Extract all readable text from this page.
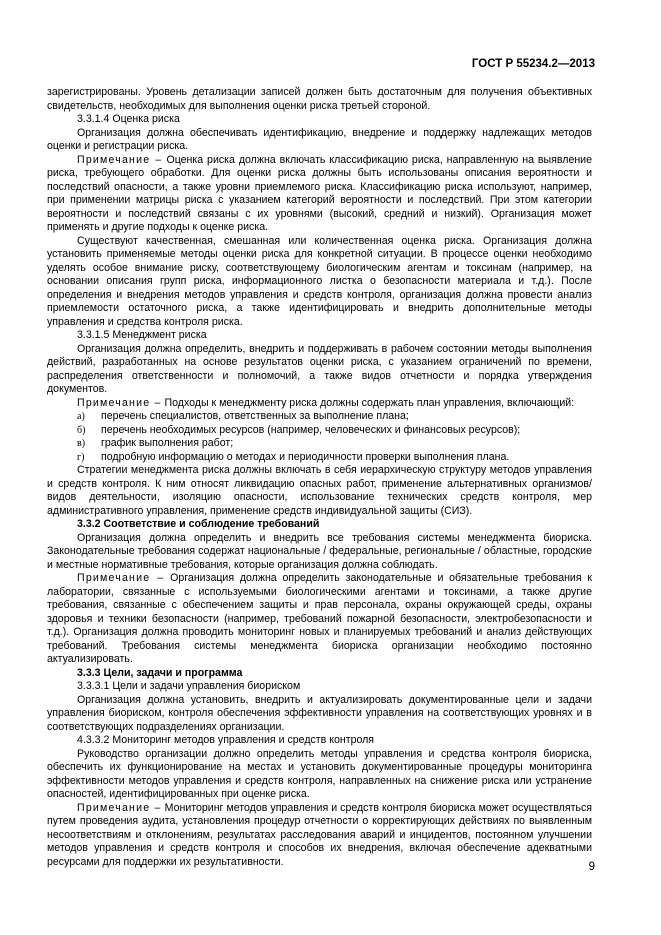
ГОСТ Р 55234.2—2013

зарегистрированы. Уровень детализации записей должен быть достаточным для получения объективных свидетельств, необходимых для выполнения оценки риска третьей стороной.

3.3.1.4 Оценка риска

Организация должна обеспечивать идентификацию, внедрение и поддержку надлежащих методов оценки и регистрации риска.

Примечание – Оценка риска должна включать классификацию риска, направленную на выявление риска, требующего обработки. Для оценки риска должны быть использованы описания вероятности и последствий опасности, а также уровни приемлемого риска. Классификацию риска используют, например, при применении матрицы риска с указанием категорий вероятности и последствий. При этом категории вероятности и последствий связаны с их уровнями (высокий, средний и низкий). Организация может применять и другие подходы к оценке риска.

Существуют качественная, смешанная или количественная оценка риска. Организация должна установить применяемые методы оценки риска для конкретной ситуации. В процессе оценки необходимо уделять особое внимание риску, соответствующему биологическим агентам и токсинам (например, на основании описания групп риска, информационного листка о безопасности материала и т.д.). После определения и внедрения методов управления и средств контроля, организация должна провести анализ приемлемости остаточного риска, а также идентифицировать и внедрить дополнительные методы управления и средства контроля риска.

3.3.1.5 Менеджмент риска

Организация должна определить, внедрить и поддерживать в рабочем состоянии методы выполнения действий, разработанных на основе результатов оценки риска, с указанием ограничений по времени, распределения ответственности и полномочий, а также видов отчетности и порядка утверждения документов.

Примечание – Подходы к менеджменту риска должны содержать план управления, включающий:

а) перечень специалистов, ответственных за выполнение плана;
б) перечень необходимых ресурсов (например, человеческих и финансовых ресурсов);
в) график выполнения работ;
г) подробную информацию о методах и периодичности проверки выполнения плана.

Стратегии менеджмента риска должны включать в себя иерархическую структуру методов управления и средств контроля. К ним относят ликвидацию опасных работ, применение альтернативных организмов/видов деятельности, изоляцию опасности, использование технических средств контроля, мер административного управления, применение средств индивидуальной защиты (СИЗ).

3.3.2 Соответствие и соблюдение требований

Организация должна определить и внедрить все требования системы менеджмента биориска. Законодательные требования содержат национальные / федеральные, региональные / областные, городские и местные нормативные требования, которые организация должна соблюдать.

Примечание – Организация должна определить законодательные и обязательные требования к лаборатории, связанные с используемыми биологическими агентами и токсинами, а также другие требования, связанные с обеспечением защиты и прав персонала, охраны окружающей среды, охраны здоровья и техники безопасности (например, требований пожарной безопасности, электробезопасности и т.д.). Организация должна проводить мониторинг новых и планируемых требований и анализ действующих требований. Требования системы менеджмента биориска организации необходимо постоянно актуализировать.

3.3.3 Цели, задачи и программа

3.3.3.1 Цели и задачи управления биориском

Организация должна установить, внедрить и актуализировать документированные цели и задачи управления биориском, контроля обеспечения эффективности управления на соответствующих уровнях и в соответствующих подразделениях организации.

4.3.3.2 Мониторинг методов управления и средств контроля

Руководство организации должно определить методы управления и средства контроля биориска, обеспечить их функционирование на местах и установить документированные процедуры мониторинга эффективности методов управления и средств контроля, направленных на снижение риска или устранение опасностей, идентифицированных при оценке риска.

Примечание – Мониторинг методов управления и средств контроля биориска может осуществляться путем проведения аудита, установления процедур отчетности о корректирующих действиях по выявленным несоответствиям и отклонениям, результатах расследования аварий и инцидентов, постоянном улучшении методов управления и средств контроля и способов их внедрения, включая обеспечение адекватными ресурсами для поддержки их результативности.	9
